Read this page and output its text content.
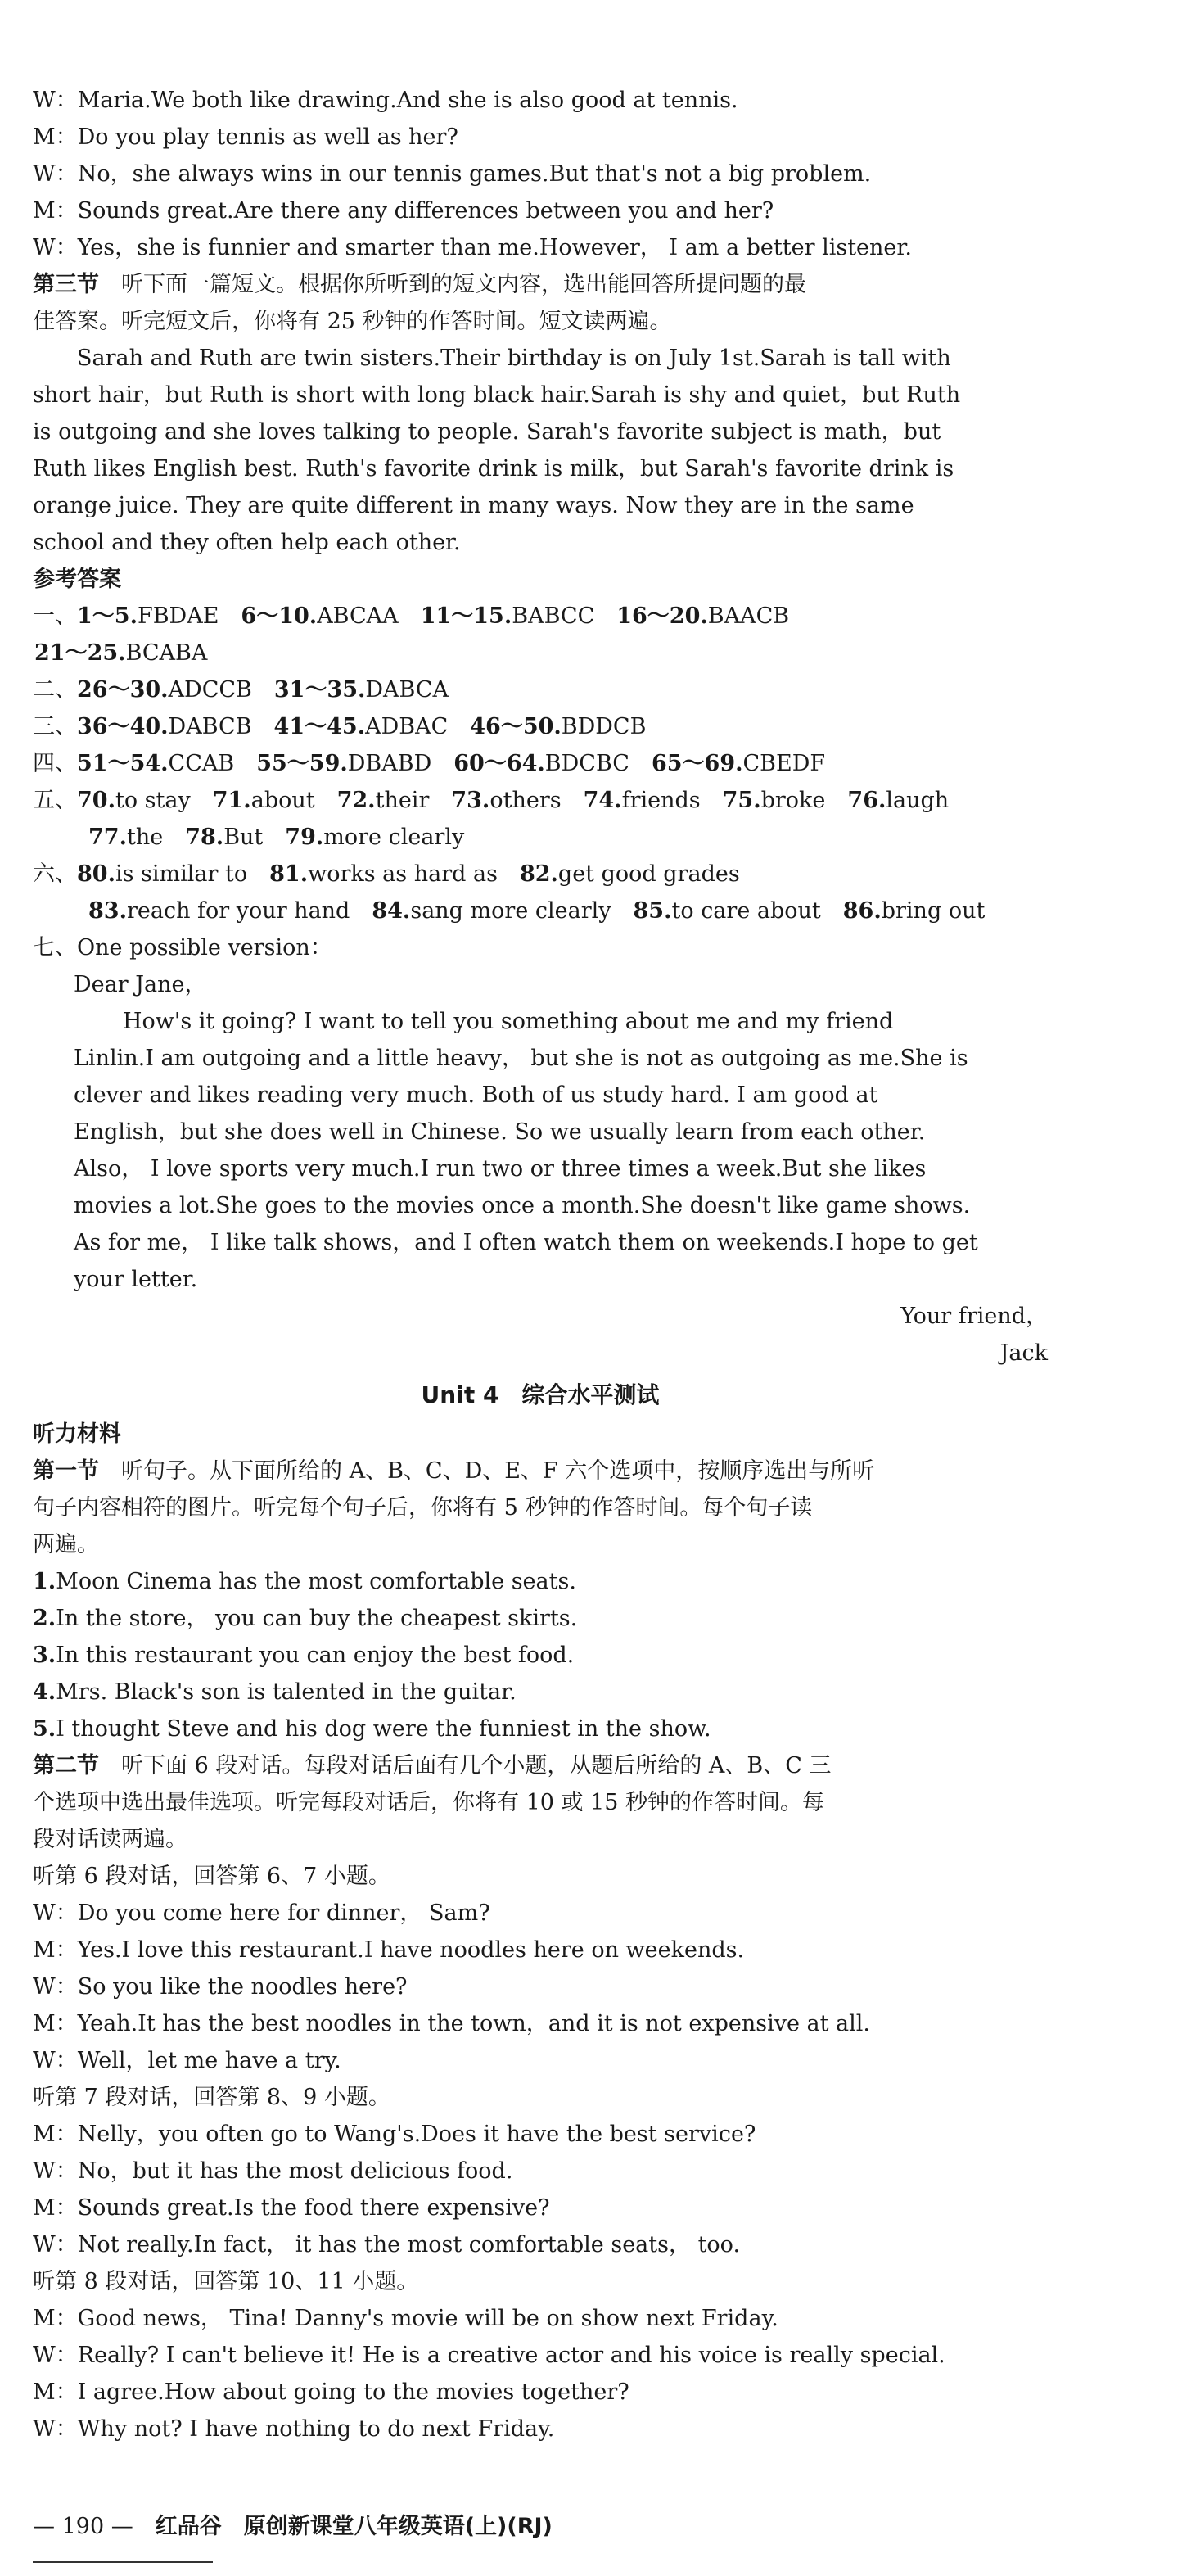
W：Maria.We both like drawing.And she is also good at tennis.
M：Do you play tennis as well as her?
W：No，she always wins in our tennis games.But that's not a big problem.
M：Sounds great.Are there any differences between you and her?
W：Yes，she is funnier and smarter than me.However， I am a better listener.
第三节　 听下面一篇短文。根据你所听到的短文内容，选出能回答所提问题的最
佳答案。听完短文后，你将有 25 秒钟的作答时间。短文读两遍。
Sarah and Ruth are twin sisters.Their birthday is on July 1st.Sarah is tall with
short hair，but Ruth is short with long black hair.Sarah is shy and quiet，but Ruth
is outgoing and she loves talking to people. Sarah's favorite subject is math，but
Ruth likes English best. Ruth's favorite drink is milk，but Sarah's favorite drink is
orange juice. They are quite different in many ways. Now they are in the same
school and they often help each other.
参考答案
一、1～5.FBDAE　 6～10.ABCAA　 11～15.BABCC　 16～20.BAACB
21～25.BCABA
二、26～30.ADCCB　 31～35.DABCA
三、36～40.DABCB　 41～45.ADBAC　 46～50.BDDCB
四、51～54.CCAB　 55～59.DBABD　 60～64.BDCBC　 65～69.CBEDF
五、70.to stay　 71.about　 72.their　 73.others　 74.friends　 75.broke　 76.laugh
77.the　 78.But　 79.more clearly
六、80.is similar to　 81.works as hard as　 82.get good grades
83.reach for your hand　 84.sang more clearly　 85.to care about　 86.bring out
七、One possible version：
Dear Jane，
How's it going? I want to tell you something about me and my friend
Linlin.I am outgoing and a little heavy， but she is not as outgoing as me.She is
clever and likes reading very much. Both of us study hard. I am good at
English，but she does well in Chinese. So we usually learn from each other.
Also， I love sports very much.I run two or three times a week.But she likes
movies a lot.She goes to the movies once a month.She doesn't like game shows.
As for me， I like talk shows，and I often watch them on weekends.I hope to get
your letter.
Your friend，
Jack
Unit 4　综合水平测试
听力材料
第一节　 听句子。从下面所给的 A、B、C、D、E、F 六个选项中，按顺序选出与所听
句子内容相符的图片。听完每个句子后，你将有 5 秒钟的作答时间。每个句子读
两遍。
1.Moon Cinema has the most comfortable seats.
2.In the store， you can buy the cheapest skirts.
3.In this restaurant you can enjoy the best food.
4.Mrs. Black's son is talented in the guitar.
5.I thought Steve and his dog were the funniest in the show.
第二节　 听下面 6 段对话。每段对话后面有几个小题，从题后所给的 A、B、C 三
个选项中选出最佳选项。听完每段对话后，你将有 10 或 15 秒钟的作答时间。每
段对话读两遍。
听第 6 段对话，回答第 6、7 小题。
W：Do you come here for dinner， Sam?
M：Yes.I love this restaurant.I have noodles here on weekends.
W：So you like the noodles here?
M：Yeah.It has the best noodles in the town，and it is not expensive at all.
W：Well，let me have a try.
听第 7 段对话，回答第 8、9 小题。
M：Nelly，you often go to Wang's.Does it have the best service?
W：No，but it has the most delicious food.
M：Sounds great.Is the food there expensive?
W：Not really.In fact， it has the most comfortable seats， too.
听第 8 段对话，回答第 10、11 小题。
M：Good news， Tina! Danny's movie will be on show next Friday.
W：Really? I can't believe it! He is a creative actor and his voice is really special.
M：I agree.How about going to the movies together?
W：Why not? I have nothing to do next Friday.
— 190 —　 红品谷　原创新课堂八年级英语(上)(RJ)
